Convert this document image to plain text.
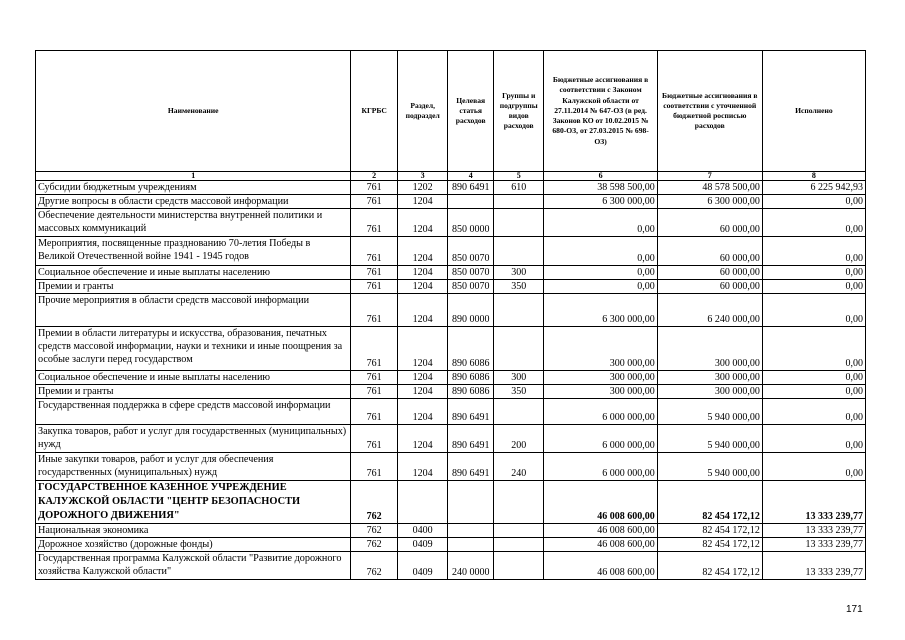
Наименование	КГРБС	Раздел, подраздел	Целевая статья расходов	Группы и подгруппы видов расходов	Бюджетные ассигнования в соответствии с Законом Калужской области от 27.11.2014 № 647-ОЗ (в ред. Законов КО от 10.02.2015 № 680-ОЗ, от 27.03.2015 № 698-ОЗ)	Бюджетные ассигнования в соответствии с уточненной бюджетной росписью расходов	Исполнено
1	2	3	4	5	6	7	8
Субсидии бюджетным учреждениям	761	1202	890 6491	610	38 598 500,00	48 578 500,00	6 225 942,93
Другие вопросы в области средств массовой информации	761	1204			6 300 000,00	6 300 000,00	0,00
Обеспечение деятельности министерства внутренней политики и массовых коммуникаций	761	1204	850 0000		0,00	60 000,00	0,00
Мероприятия, посвященные празднованию 70-летия Победы в Великой Отечественной войне 1941 - 1945 годов	761	1204	850 0070		0,00	60 000,00	0,00
Социальное обеспечение и иные выплаты населению	761	1204	850 0070	300	0,00	60 000,00	0,00
Премии и гранты	761	1204	850 0070	350	0,00	60 000,00	0,00
Прочие мероприятия в области средств массовой информации	761	1204	890 0000		6 300 000,00	6 240 000,00	0,00
Премии в области литературы и искусства, образования, печатных средств массовой информации, науки и техники и иные поощрения за особые заслуги перед государством	761	1204	890 6086		300 000,00	300 000,00	0,00
Социальное обеспечение и иные выплаты населению	761	1204	890 6086	300	300 000,00	300 000,00	0,00
Премии и гранты	761	1204	890 6086	350	300 000,00	300 000,00	0,00
Государственная поддержка в сфере средств массовой информации	761	1204	890 6491		6 000 000,00	5 940 000,00	0,00
Закупка товаров, работ и услуг для государственных (муниципальных) нужд	761	1204	890 6491	200	6 000 000,00	5 940 000,00	0,00
Иные закупки товаров, работ и услуг для обеспечения государственных (муниципальных) нужд	761	1204	890 6491	240	6 000 000,00	5 940 000,00	0,00
ГОСУДАРСТВЕННОЕ КАЗЕННОЕ УЧРЕЖДЕНИЕ КАЛУЖСКОЙ ОБЛАСТИ "ЦЕНТР БЕЗОПАСНОСТИ ДОРОЖНОГО ДВИЖЕНИЯ"	762				46 008 600,00	82 454 172,12	13 333 239,77
Национальная экономика	762	0400			46 008 600,00	82 454 172,12	13 333 239,77
Дорожное хозяйство (дорожные фонды)	762	0409			46 008 600,00	82 454 172,12	13 333 239,77
Государственная программа Калужской области "Развитие дорожного хозяйства Калужской области"	762	0409	240 0000		46 008 600,00	82 454 172,12	13 333 239,77
171
